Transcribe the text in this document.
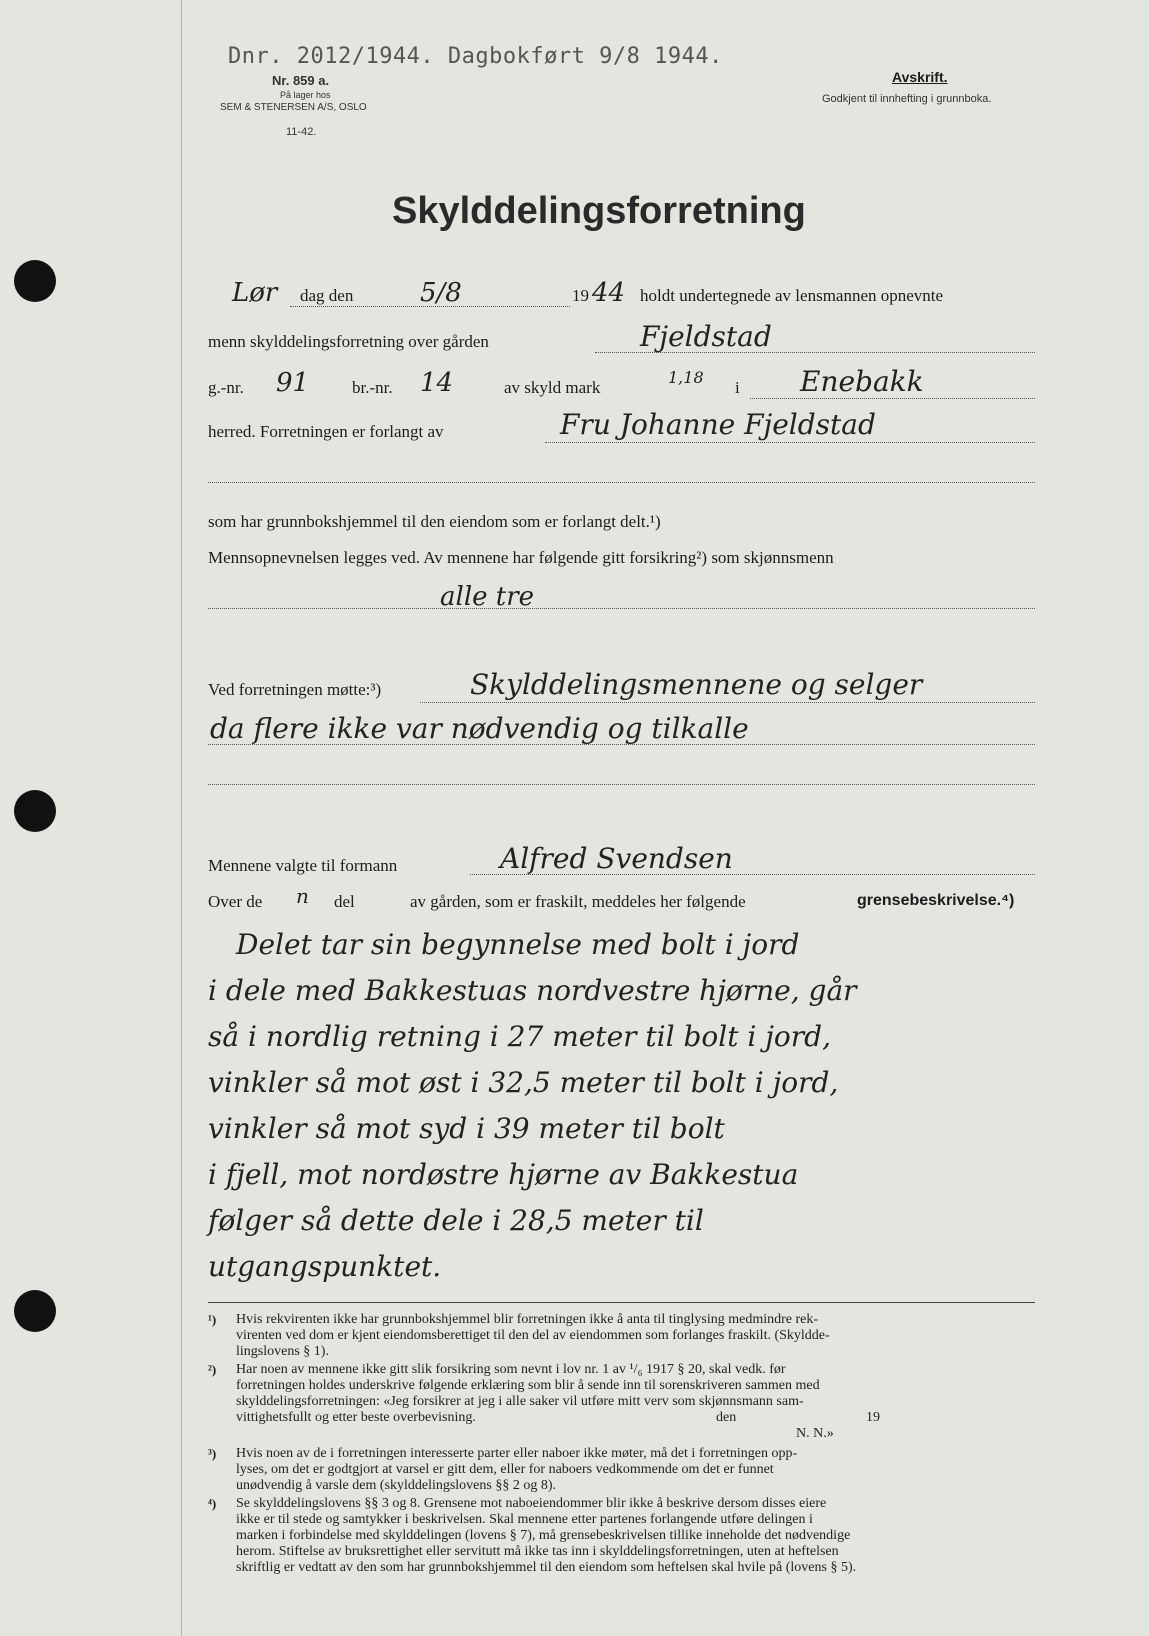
Dnr. 2012/1944. Dagbokført 9/8 1944.
Nr. 859 a.
På lager hos
SEM & STENERSEN A/S, OSLO
11-42.
Avskrift.
Godkjent til innhefting i grunnboka.
Skylddelingsforretning
Lør dag den	5/8	19 44 holdt undertegnede av lensmannen opnevnte
menn skylddelingsforretning over gården	Fjeldstad
g.-nr. 91	br.-nr. 14	av skyld mark
1,18
i Enebakk
herred. Forretningen er forlangt av	Fru Johanne Fjeldstad
som har grunnbokshjemmel til den eiendom som er forlangt delt.¹)
Mennsopnevnelsen legges ved. Av mennene har følgende gitt forsikring²) som skjønnsmenn
alle tre
Ved forretningen møtte:³)	Skylddelingsmennene og selger
da flere ikke var nødvendig og tilkalle
Mennene valgte til formann	Alfred Svendsen
Over de n del	av gården, som er fraskilt, meddeles her følgende	grensebeskrivelse.⁴)
Delet tar sin begynnelse med bolt i jord
i dele med Bakkestuas nordvestre hjørne, går
så i nordlig retning i 27 meter til bolt i jord,
vinkler så mot øst i 32,5 meter til bolt i jord,
vinkler så mot syd i 39 meter til bolt
i fjell, mot nordøstre hjørne av Bakkestua
følger så dette dele i 28,5 meter til
utgangspunktet.
¹) Hvis rekvirenten ikke har grunnbokshjemmel blir forretningen ikke å anta til tinglysing medmindre rek-
virenten ved dom er kjent eiendomsberettiget til den del av eiendommen som forlanges fraskilt. (Skyldde-
lingslovens § 1).
²) Har noen av mennene ikke gitt slik forsikring som nevnt i lov nr. 1 av ¹/₆ 1917 § 20, skal vedk. før
forretningen holdes underskrive følgende erklæring som blir å sende inn til sorenskriveren sammen med
skylddelingsforretningen: «Jeg forsikrer at jeg i alle saker vil utføre mitt verv som skjønnsmann sam-
vittighetsfullt og etter beste overbevisning.	den	19
N. N.»
³) Hvis noen av de i forretningen interesserte parter eller naboer ikke møter, må det i forretningen opp-
lyses, om det er godtgjort at varsel er gitt dem, eller for naboers vedkommende om det er funnet
unødvendig å varsle dem (skylddelingslovens §§ 2 og 8).
⁴) Se skylddelingslovens §§ 3 og 8. Grensene mot naboeiendommer blir ikke å beskrive dersom disses eiere
ikke er til stede og samtykker i beskrivelsen. Skal mennene etter partenes forlangende utføre delingen i
marken i forbindelse med skylddelingen (lovens § 7), må grensebeskrivelsen tillike inneholde det nødvendige
herom. Stiftelse av bruksrettighet eller servitutt må ikke tas inn i skylddelingsforretningen, uten at heftelsen
skriftlig er vedtatt av den som har grunnbokshjemmel til den eiendom som heftelsen skal hvile på (lovens § 5).
